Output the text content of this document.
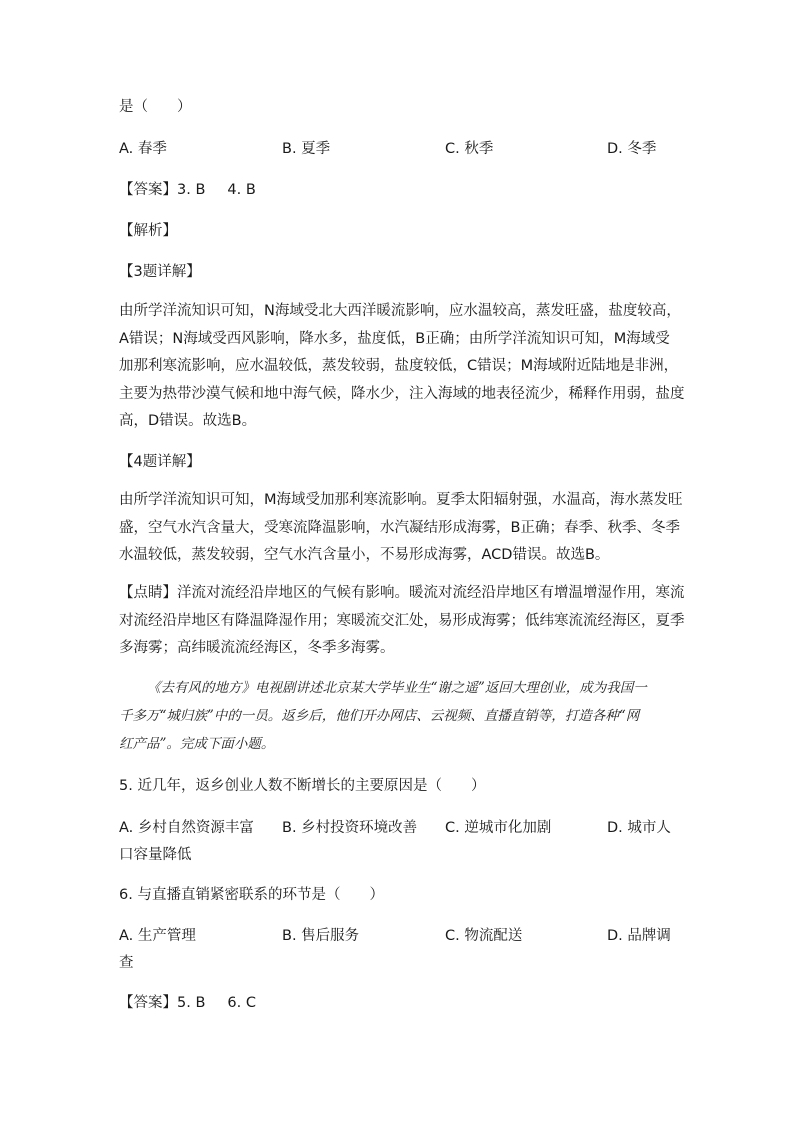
是（　　）
A. 春季	B. 夏季	C. 秋季	D. 冬季
【答案】3. B 4. B
【解析】
【3题详解】
由所学洋流知识可知，N海域受北大西洋暖流影响，应水温较高，蒸发旺盛，盐度较高，
A错误；N海域受西风影响，降水多，盐度低，B正确；由所学洋流知识可知，M海域受
加那利寒流影响，应水温较低，蒸发较弱，盐度较低，C错误；M海域附近陆地是非洲，
主要为热带沙漠气候和地中海气候，降水少，注入海域的地表径流少，稀释作用弱，盐度
高，D错误。故选B。
【4题详解】
由所学洋流知识可知，M海域受加那利寒流影响。夏季太阳辐射强，水温高，海水蒸发旺
盛，空气水汽含量大，受寒流降温影响，水汽凝结形成海雾，B正确；春季、秋季、冬季
水温较低，蒸发较弱，空气水汽含量小，不易形成海雾，ACD错误。故选B。
【点睛】洋流对流经沿岸地区的气候有影响。暖流对流经沿岸地区有增温增湿作用，寒流
对流经沿岸地区有降温降湿作用；寒暖流交汇处，易形成海雾；低纬寒流流经海区，夏季
多海雾；高纬暖流流经海区，冬季多海雾。
《去有风的地方》电视剧讲述北京某大学毕业生“谢之遥”返回大理创业，成为我国一
千多万“城归族”中的一员。返乡后，他们开办网店、云视频、直播直销等，打造各种“网
红产品”。完成下面小题。
5. 近几年，返乡创业人数不断增长的主要原因是（　　）
A. 乡村自然资源丰富 B. 乡村投资环境改善 C. 逆城市化加剧	D. 城市人
口容量降低
6. 与直播直销紧密联系的环节是（　　）
A. 生产管理	B. 售后服务	C. 物流配送	D. 品牌调
查
【答案】5. B 6. C
